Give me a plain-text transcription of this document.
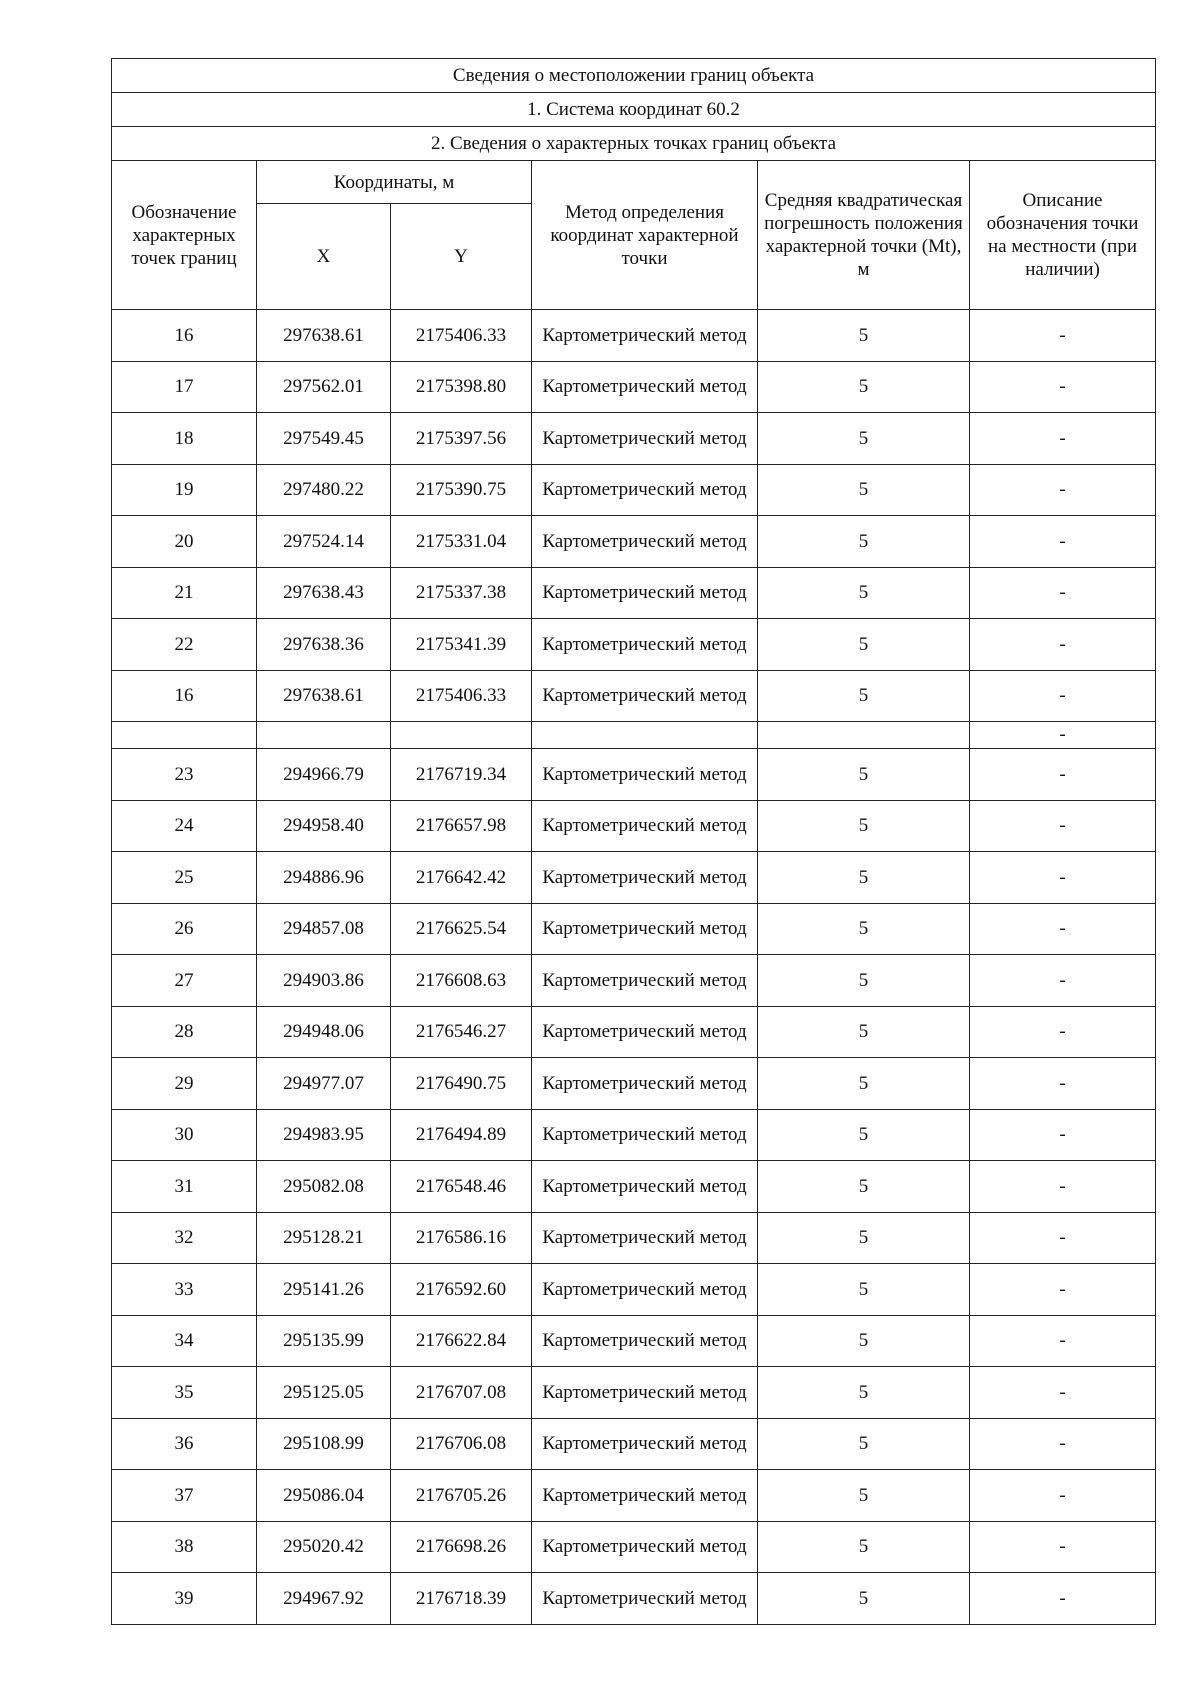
Сведения о местоположении границ объекта					
1. Система координат 60.2					
2. Сведения о характерных точках границ объекта					
Обозначение характерных точек границ	Координаты, м		Метод определения координат характерной точки	Средняя квадратическая погрешность положения характерной точки (Mt), м	Описание обозначения точки на местности (при наличии)
	X	Y			
16	297638.61	2175406.33	Картометрический метод	5	-
17	297562.01	2175398.80	Картометрический метод	5	-
18	297549.45	2175397.56	Картометрический метод	5	-
19	297480.22	2175390.75	Картометрический метод	5	-
20	297524.14	2175331.04	Картометрический метод	5	-
21	297638.43	2175337.38	Картометрический метод	5	-
22	297638.36	2175341.39	Картометрический метод	5	-
16	297638.61	2175406.33	Картометрический метод	5	-
					-
23	294966.79	2176719.34	Картометрический метод	5	-
24	294958.40	2176657.98	Картометрический метод	5	-
25	294886.96	2176642.42	Картометрический метод	5	-
26	294857.08	2176625.54	Картометрический метод	5	-
27	294903.86	2176608.63	Картометрический метод	5	-
28	294948.06	2176546.27	Картометрический метод	5	-
29	294977.07	2176490.75	Картометрический метод	5	-
30	294983.95	2176494.89	Картометрический метод	5	-
31	295082.08	2176548.46	Картометрический метод	5	-
32	295128.21	2176586.16	Картометрический метод	5	-
33	295141.26	2176592.60	Картометрический метод	5	-
34	295135.99	2176622.84	Картометрический метод	5	-
35	295125.05	2176707.08	Картометрический метод	5	-
36	295108.99	2176706.08	Картометрический метод	5	-
37	295086.04	2176705.26	Картометрический метод	5	-
38	295020.42	2176698.26	Картометрический метод	5	-
39	294967.92	2176718.39	Картометрический метод	5	-
